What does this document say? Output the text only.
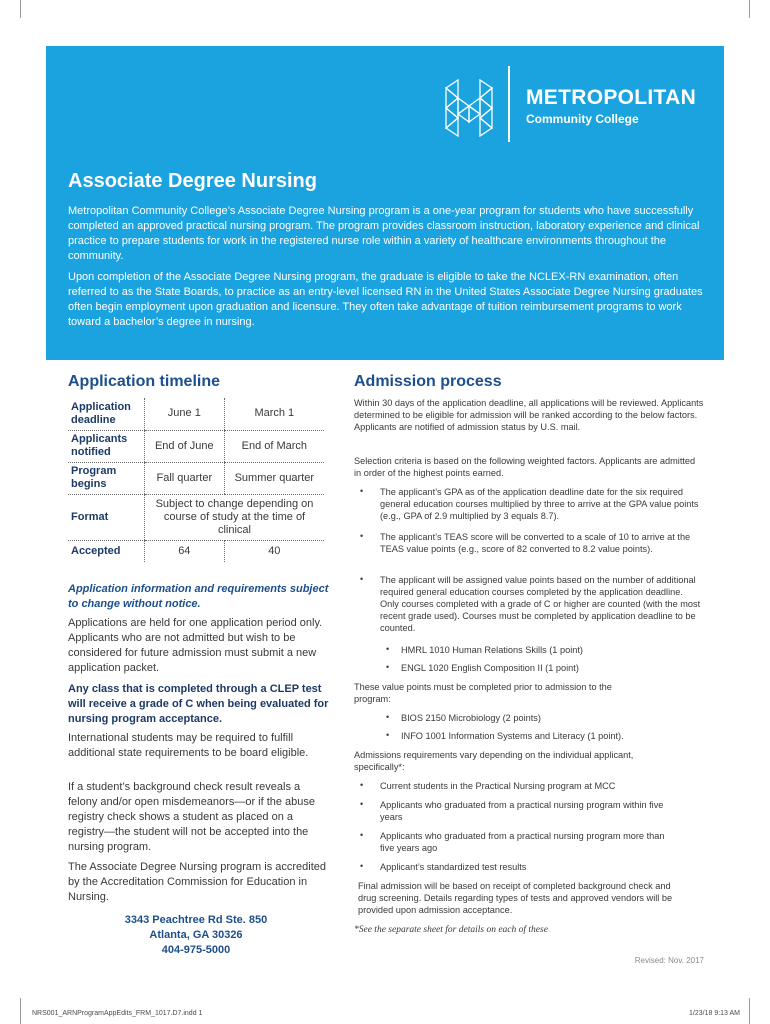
METROPOLITAN
Community College
Associate Degree Nursing

Metropolitan Community College’s Associate Degree Nursing program is a one-year program for students who have successfully completed an approved practical nursing program. The program provides classroom instruction, laboratory experience and clinical practice to prepare students for work in the registered nurse role within a variety of healthcare environments throughout the community.

Upon completion of the Associate Degree Nursing program, the graduate is eligible to take the NCLEX-RN examination, often referred to as the State Boards, to practice as an entry-level licensed RN in the United States Associate Degree Nursing graduates often begin employment upon graduation and licensure. They often take advantage of tuition reimbursement programs to work toward a bachelor’s degree in nursing.

Application timeline
Application deadline	June 1	March 1
Applicants notified	End of June	End of March
Program begins	Fall quarter	Summer quarter
Format	Subject to change depending on course of study at the time of clinical	
Accepted	64	40

Application information and requirements subject to change without notice.

Applications are held for one application period only. Applicants who are not admitted but wish to be considered for future admission must submit a new application packet.

Any class that is completed through a CLEP test will receive a grade of C when being evaluated for nursing program acceptance.

International students may be required to fulfill additional state requirements to be board eligible.

If a student’s background check result reveals a felony and/or open misdemeanors—or if the abuse registry check shows a student as placed on a registry—the student will not be accepted into the nursing program.

The Associate Degree Nursing program is accredited by the Accreditation Commission for Education in Nursing.

3343 Peachtree Rd Ste. 850
Atlanta, GA 30326
404-975-5000
Admission process

Within 30 days of the application deadline, all applications will be reviewed. Applicants determined to be eligible for admission will be ranked according to the below factors. Applicants are notified of admission status by U.S. mail.

Selection criteria is based on the following weighted factors. Applicants are admitted in order of the highest points earned.

• The applicant’s GPA as of the application deadline date for the six required general education courses multiplied by three to arrive at the GPA value points (e.g., GPA of 2.9 multiplied by 3 equals 8.7).

• The applicant’s TEAS score will be converted to a scale of 10 to arrive at the TEAS value points (e.g., score of 82 converted to 8.2 value points).

• The applicant will be assigned value points based on the number of additional required general education courses completed by the application deadline. Only courses completed with a grade of C or higher are counted (with the most recent grade used). Courses must be completed by application deadline to be counted.

• HMRL 1010 Human Relations Skills (1 point)

• ENGL 1020 English Composition II (1 point)

These value points must be completed prior to admission to the program:

• BIOS 2150 Microbiology (2 points)

• INFO 1001 Information Systems and Literacy (1 point).

Admissions requirements vary depending on the individual applicant, specifically*:

• Current students in the Practical Nursing program at MCC

• Applicants who graduated from a practical nursing program within five years

• Applicants who graduated from a practical nursing program more than five years ago

• Applicant’s standardized test results

Final admission will be based on receipt of completed background check and drug screening. Details regarding types of tests and approved vendors will be provided upon admission acceptance.

*See the separate sheet for details on each of these
Revised: Nov. 2017
NRS001_ARNProgramAppEdits_FRM_1017.D7.indd 1	1/23/18 9:13 AM
